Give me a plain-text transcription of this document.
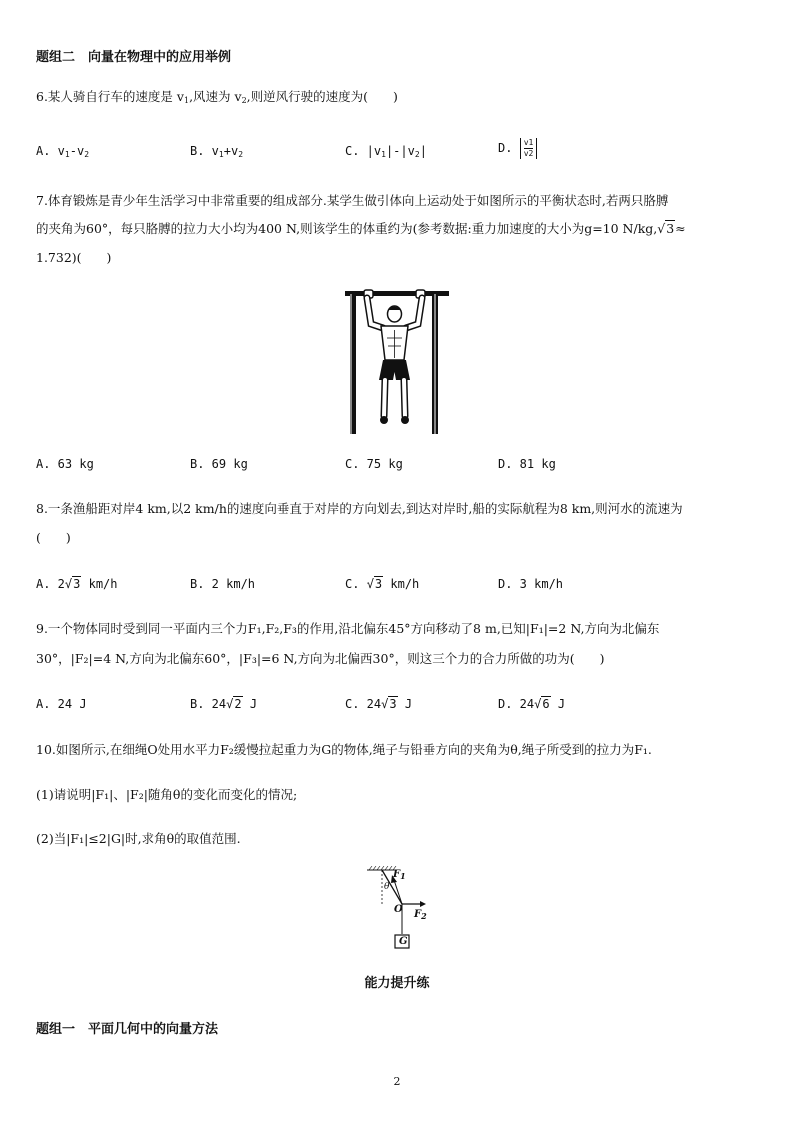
题组二　向量在物理中的应用举例
6.某人骑自行车的速度是 $v_1$,风速为 $v_2$,则逆风行驶的速度为(　　)
A. $v_1-v_2$	B. $v_1+v_2$	C. $|v_1|-|v_2|$	D. $\frac{v1}{v2}$
7.体育锻炼是青少年生活学习中非常重要的组成部分.某学生做引体向上运动处于如图所示的平衡状态时,若两只胳膊
的夹角为60°，每只胳膊的拉力大小均为400 N,则该学生的体重约为(参考数据:重力加速度的大小为g=10 N/kg,√3≈
1.732)(　　)
A. 63 kg	B. 69 kg	C. 75 kg	D. 81 kg
8.一条渔船距对岸4 km,以2 km/h的速度向垂直于对岸的方向划去,到达对岸时,船的实际航程为8 km,则河水的流速为
(　　)
A. 2√3 km/h	B. 2 km/h	C. √3 km/h	D. 3 km/h
9.一个物体同时受到同一平面内三个力F₁,F₂,F₃的作用,沿北偏东45°方向移动了8 m,已知|F₁|=2 N,方向为北偏东
30°，|F₂|=4 N,方向为北偏东60°，|F₃|=6 N,方向为北偏西30°，则这三个力的合力所做的功为(　　)
A. 24 J	B. 24√2 J	C. 24√3 J	D. 24√6 J
10.如图所示,在细绳O处用水平力F₂缓慢拉起重力为G的物体,绳子与铅垂方向的夹角为θ,绳子所受到的拉力为F₁.
(1)请说明|F₁|、|F₂|随角θ的变化而变化的情况;
(2)当|F₁|≤2|G|时,求角θ的取值范围.
$F_1$
θ
O $F_2$
G
能力提升练
题组一　平面几何中的向量方法
2
